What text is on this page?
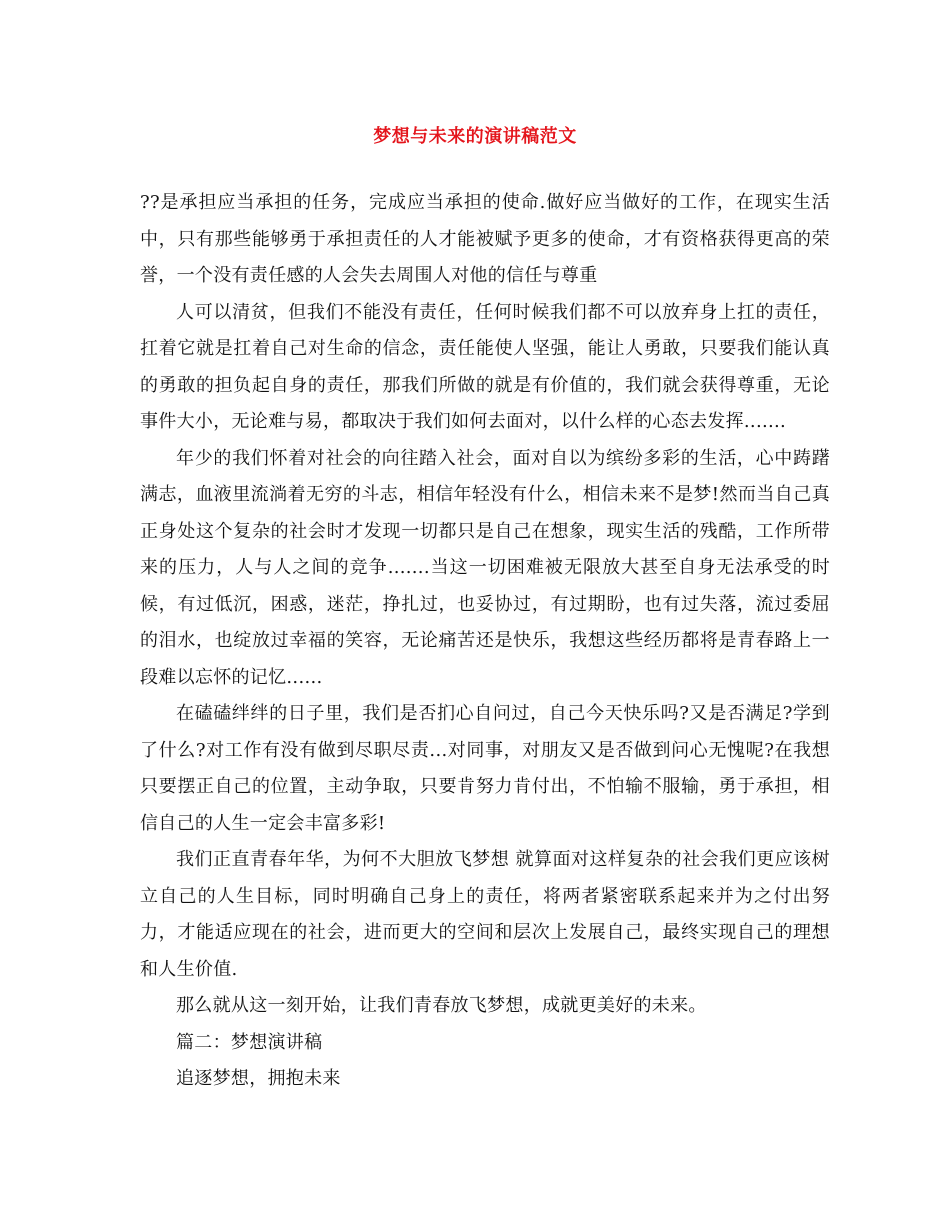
梦想与未来的演讲稿范文

??是承担应当承担的任务，完成应当承担的使命.做好应当做好的工作，在现实生活中，只有那些能够勇于承担责任的人才能被赋予更多的使命，才有资格获得更高的荣誉，一个没有责任感的人会失去周围人对他的信任与尊重

人可以清贫，但我们不能没有责任，任何时候我们都不可以放弃身上扛的责任，扛着它就是扛着自己对生命的信念，责任能使人坚强，能让人勇敢，只要我们能认真的勇敢的担负起自身的责任，那我们所做的就是有价值的，我们就会获得尊重，无论事件大小，无论难与易，都取决于我们如何去面对，以什么样的心态去发挥.......

年少的我们怀着对社会的向往踏入社会，面对自以为缤纷多彩的生活，心中踌躇满志，血液里流淌着无穷的斗志，相信年轻没有什么，相信未来不是梦!然而当自己真正身处这个复杂的社会时才发现一切都只是自己在想象，现实生活的残酷，工作所带来的压力，人与人之间的竞争.......当这一切困难被无限放大甚至自身无法承受的时候，有过低沉，困惑，迷茫，挣扎过，也妥协过，有过期盼，也有过失落，流过委屈的泪水，也绽放过幸福的笑容，无论痛苦还是快乐，我想这些经历都将是青春路上一段难以忘怀的记忆......

在磕磕绊绊的日子里，我们是否扪心自问过，自己今天快乐吗?又是否满足?学到了什么?对工作有没有做到尽职尽责...对同事，对朋友又是否做到问心无愧呢?在我想只要摆正自己的位置，主动争取，只要肯努力肯付出，不怕输不服输，勇于承担，相信自己的人生一定会丰富多彩!

我们正直青春年华，为何不大胆放飞梦想 就算面对这样复杂的社会我们更应该树立自己的人生目标，同时明确自己身上的责任，将两者紧密联系起来并为之付出努力，才能适应现在的社会，进而更大的空间和层次上发展自己，最终实现自己的理想和人生价值.

那么就从这一刻开始，让我们青春放飞梦想，成就更美好的未来。

篇二：梦想演讲稿

追逐梦想，拥抱未来
